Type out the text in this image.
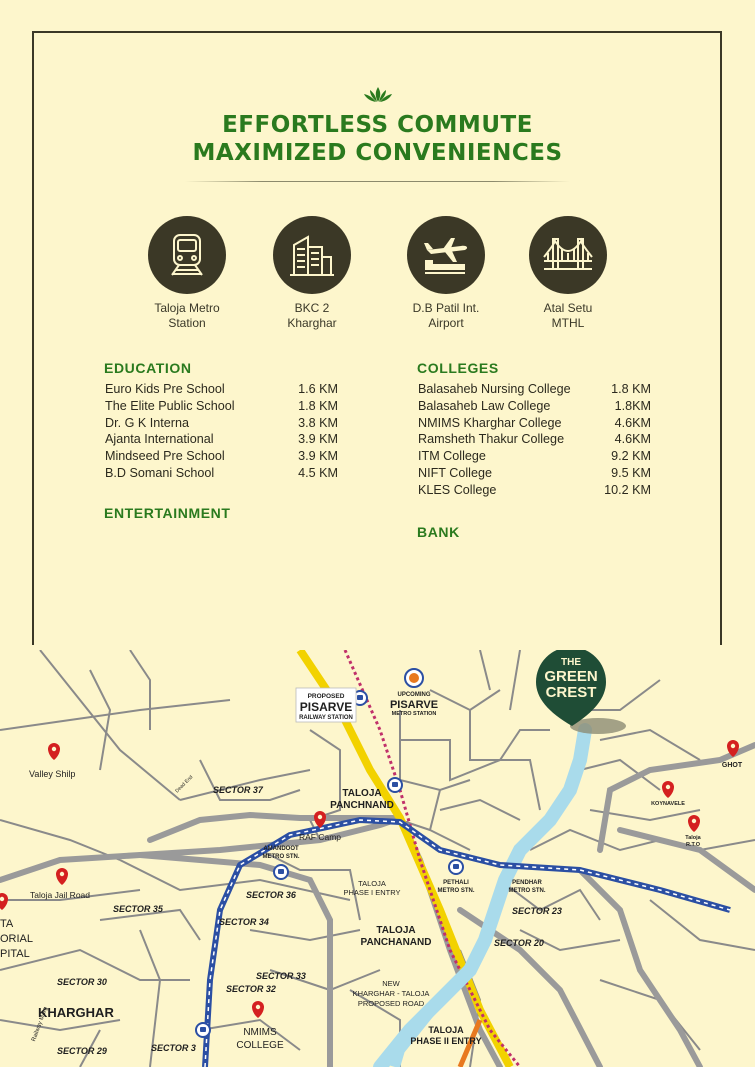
EFFORTLESS COMMUTE
MAXIMIZED CONVENIENCES
Taloja Metro
Station
BKC 2
Kharghar
D.B Patil Int.
Airport
Atal Setu
MTHL
EDUCATION
Euro Kids Pre School	1.6 KM
The Elite Public School	1.8 KM
Dr. G K Interna	3.8 KM
Ajanta International	3.9 KM
Mindseed Pre School	3.9 KM
B.D Somani School	4.5 KM
ENTERTAINMENT
COLLEGES
Balasaheb Nursing College	1.8 KM
Balasaheb Law College	1.8KM
NMIMS Kharghar College	4.6KM
Ramsheth Thakur College	4.6KM
ITM College	9.2 KM
NIFT College	9.5 KM
KLES College	10.2 KM
BANK
THE
GREEN
CREST
PROPOSED
PISARVE
RAILWAY STATION
UPCOMING
PISARVE
METRO STATION
AMANDOOT
METRO STN.
PETHALI
METRO STN.
PENDHAR
METRO STN.
Valley Shilp
SECTOR 37
Dead End	TALOJA
PANCHNAND
RAF Camp
Taloja Jail Road	SECTOR 36
SECTOR 35
SECTOR 34
TALOJA
PHASE I ENTRY
TALOJA
PANCHANAND
SECTOR 23
SECTOR 20
SECTOR 33
SECTOR 32
SECTOR 30
KHARGHAR
SECTOR 29	SECTOR 3
NMIMS
COLLEGE
NEW
KHARGHAR - TALOJA
PROPOSED ROAD
TALOJA
PHASE II ENTRY
KOYNAVELE
Taloja
R.T.O
GHOT
TA
ORIAL
PITAL
Railway Marg
